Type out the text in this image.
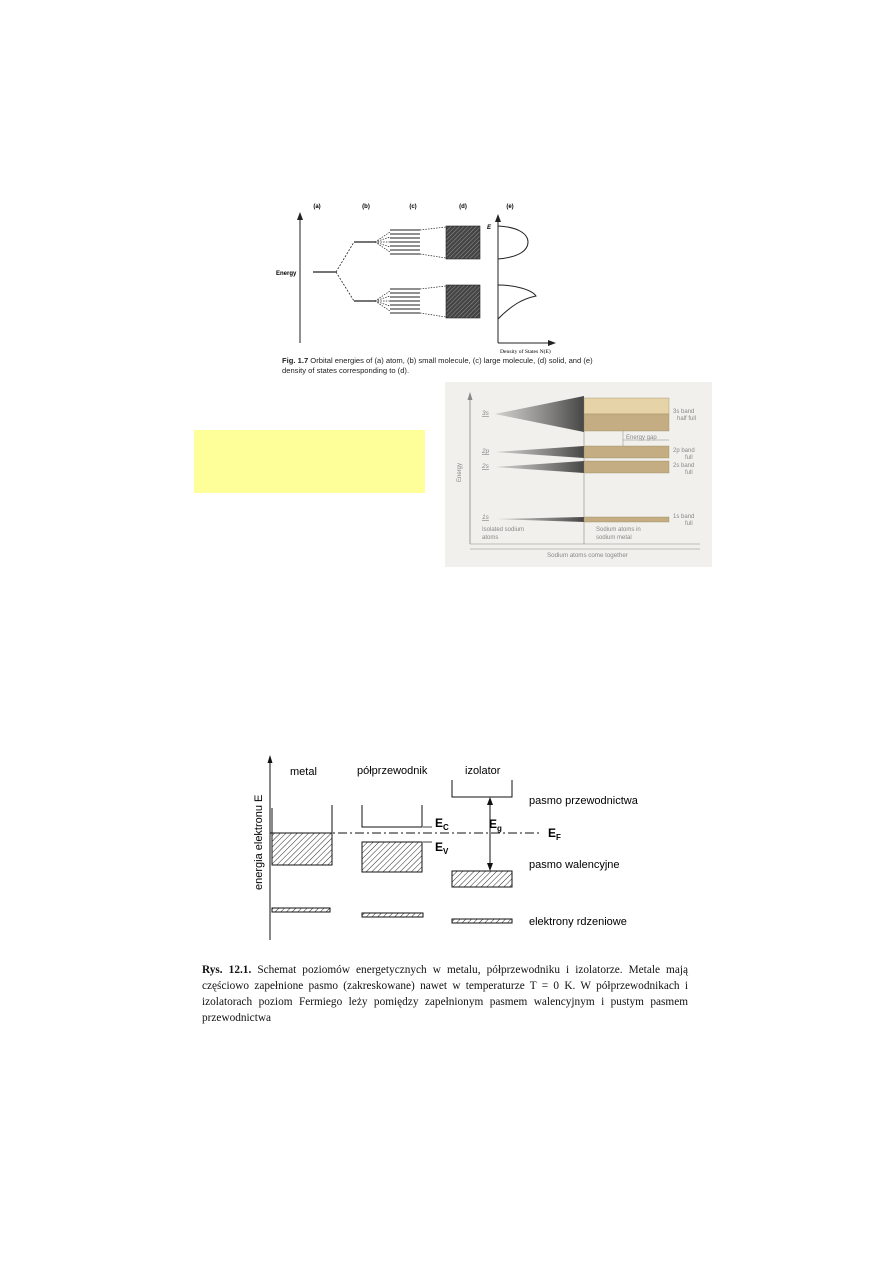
(a)	(b)	(c)	(d)	(e)
Energy
E
Density of States N(E)
Fig. 1.7 Orbital energies of (a) atom, (b) small molecule, (c) large molecule, (d) solid, and (e) density of states corresponding to (d).
Energy
Sodium atoms come together
3s
2p
2s
1s
Energy gap
3s band
half full
2p band
full
2s band
full
1s band
full
Isolated sodium
atoms
Sodium atoms in
sodium metal
energia elektronu E
metal	półprzewodnik	izolator
$E_C$
$E_V$
$E_g$	$E_F$
pasmo przewodnictwa
pasmo walencyjne
elektrony rdzeniowe
Rys. 12.1. Schemat poziomów energetycznych w metalu, półprzewodniku i izolatorze. Metale mają częściowo zapełnione pasmo (zakreskowane) nawet w temperaturze T = 0 K. W półprzewodnikach i izolatorach poziom Fermiego leży pomiędzy zapełnionym pasmem walencyjnym i pustym pasmem przewodnictwa
